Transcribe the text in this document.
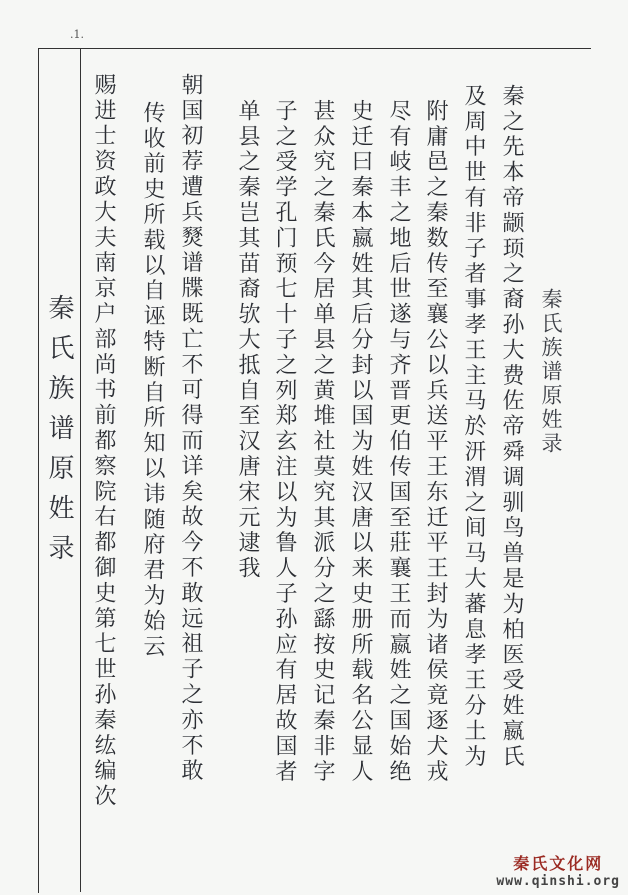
.1.
秦氏族谱原姓录	秦氏族谱原姓录
秦之先本帝颛顼之裔孙大费佐帝舜调驯鸟兽是为柏医受姓嬴氏
及周中世有非子者事孝王主马於汧渭之间马大蕃息孝王分土为
附庸邑之秦数传至襄公以兵送平王东迁平王封为诸侯竟逐犬戎
尽有岐丰之地后世遂与齐晋更伯传国至莊襄王而嬴姓之国始绝
史迁曰秦本嬴姓其后分封以国为姓汉唐以来史册所载名公显人
甚众究之秦氏今居单县之黄堆社莫究其派分之繇按史记秦非字
子之受学孔门预七十子之列郑玄注以为鲁人子孙应有居故国者
单县之秦岂其苗裔欤大抵自至汉唐宋元逮我
朝国初荐遭兵燹谱牒既亡不可得而详矣故今不敢远祖子之亦不敢
传收前史所载以自诬特断自所知以讳随府君为始云
赐进士资政大夫南京户部尚书前都察院右都御史第七世孙秦纮编次
秦氏文化网
www.qinshi.org
